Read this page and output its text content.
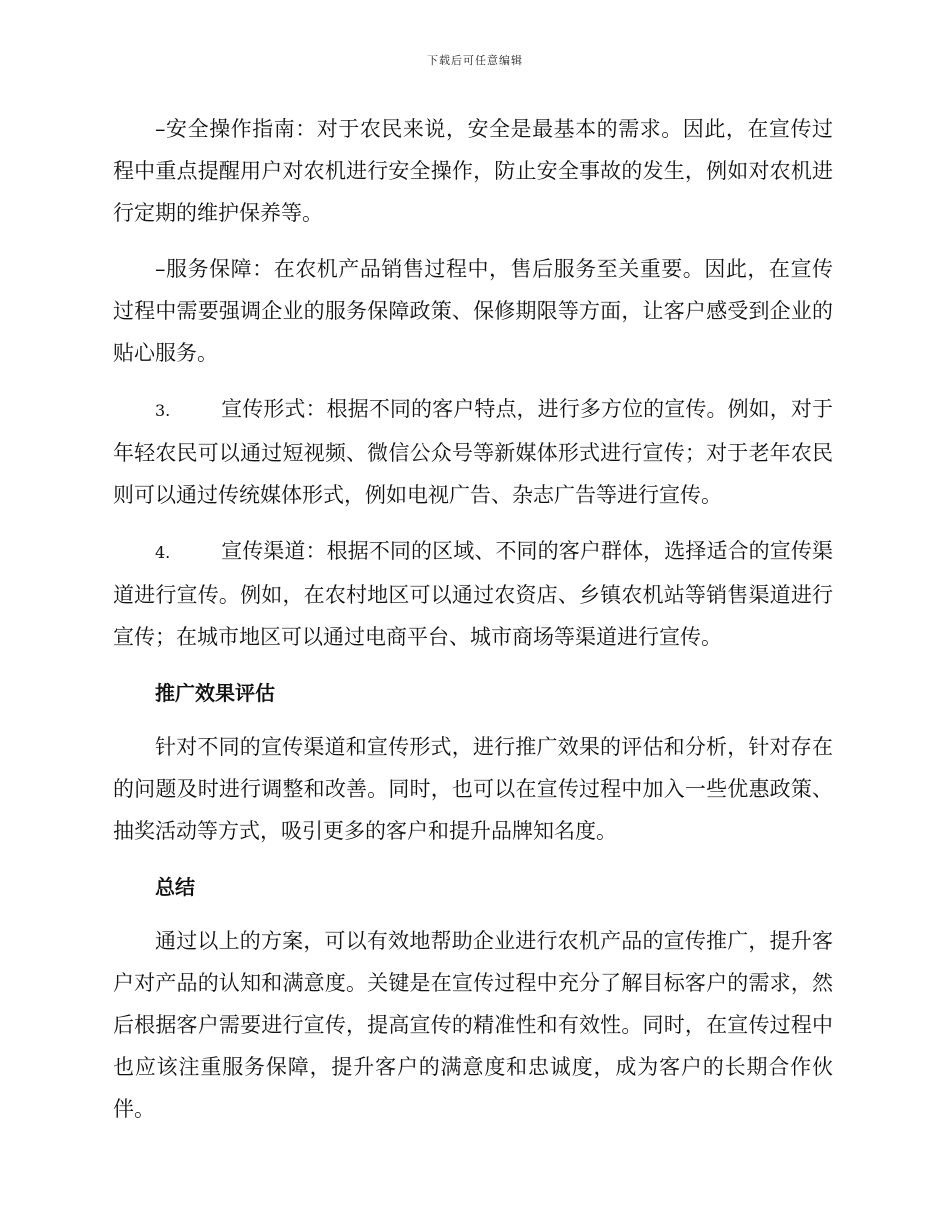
下载后可任意编辑

–安全操作指南：对于农民来说，安全是最基本的需求。因此，在宣传过程中重点提醒用户对农机进行安全操作，防止安全事故的发生，例如对农机进行定期的维护保养等。

–服务保障：在农机产品销售过程中，售后服务至关重要。因此，在宣传过程中需要强调企业的服务保障政策、保修期限等方面，让客户感受到企业的贴心服务。

3. 宣传形式：根据不同的客户特点，进行多方位的宣传。例如，对于年轻农民可以通过短视频、微信公众号等新媒体形式进行宣传；对于老年农民则可以通过传统媒体形式，例如电视广告、杂志广告等进行宣传。

4. 宣传渠道：根据不同的区域、不同的客户群体，选择适合的宣传渠道进行宣传。例如，在农村地区可以通过农资店、乡镇农机站等销售渠道进行宣传；在城市地区可以通过电商平台、城市商场等渠道进行宣传。

推广效果评估

针对不同的宣传渠道和宣传形式，进行推广效果的评估和分析，针对存在的问题及时进行调整和改善。同时，也可以在宣传过程中加入一些优惠政策、抽奖活动等方式，吸引更多的客户和提升品牌知名度。

总结

通过以上的方案，可以有效地帮助企业进行农机产品的宣传推广，提升客户对产品的认知和满意度。关键是在宣传过程中充分了解目标客户的需求，然后根据客户需要进行宣传，提高宣传的精准性和有效性。同时，在宣传过程中也应该注重服务保障，提升客户的满意度和忠诚度，成为客户的长期合作伙伴。
